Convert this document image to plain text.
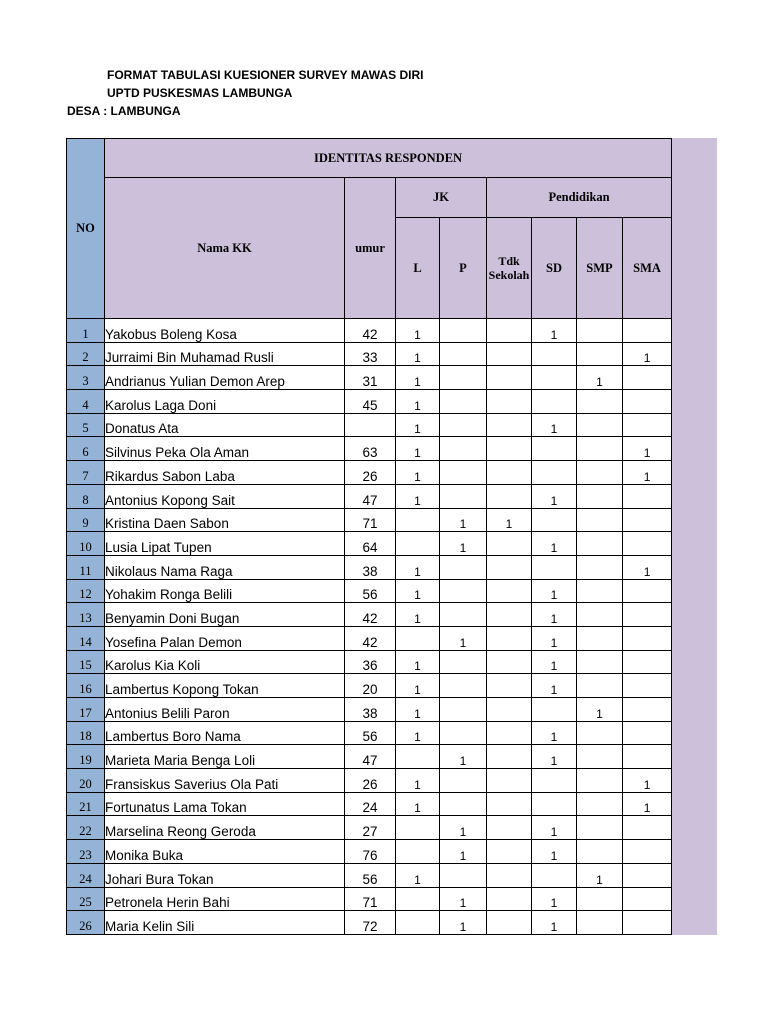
FORMAT TABULASI KUESIONER SURVEY MAWAS DIRI
UPTD PUSKESMAS LAMBUNGA
DESA : LAMBUNGA
NO	IDENTITAS RESPONDEN							
	Nama KK	umur	JK		Pendidikan			
			L	P	Tdk Sekolah	SD	SMP	SMA
1	Yakobus Boleng Kosa	42	1			1		
2	Jurraimi Bin Muhamad Rusli	33	1					1
3	Andrianus Yulian Demon Arep	31	1				1	
4	Karolus Laga Doni	45	1					
5	Donatus Ata		1			1		
6	Silvinus Peka Ola Aman	63	1					1
7	Rikardus Sabon Laba	26	1					1
8	Antonius Kopong Sait	47	1			1		
9	Kristina Daen Sabon	71		1	1			
10	Lusia Lipat Tupen	64		1		1		
11	Nikolaus Nama Raga	38	1					1
12	Yohakim Ronga Belili	56	1			1		
13	Benyamin Doni Bugan	42	1			1		
14	Yosefina Palan Demon	42		1		1		
15	Karolus Kia Koli	36	1			1		
16	Lambertus Kopong Tokan	20	1			1		
17	Antonius Belili Paron	38	1				1	
18	Lambertus Boro Nama	56	1			1		
19	Marieta Maria Benga Loli	47		1		1		
20	Fransiskus Saverius Ola Pati	26	1					1
21	Fortunatus Lama Tokan	24	1					1
22	Marselina Reong Geroda	27		1		1		
23	Monika Buka	76		1		1		
24	Johari Bura Tokan	56	1				1	
25	Petronela Herin Bahi	71		1		1		
26	Maria Kelin Sili	72		1		1		
